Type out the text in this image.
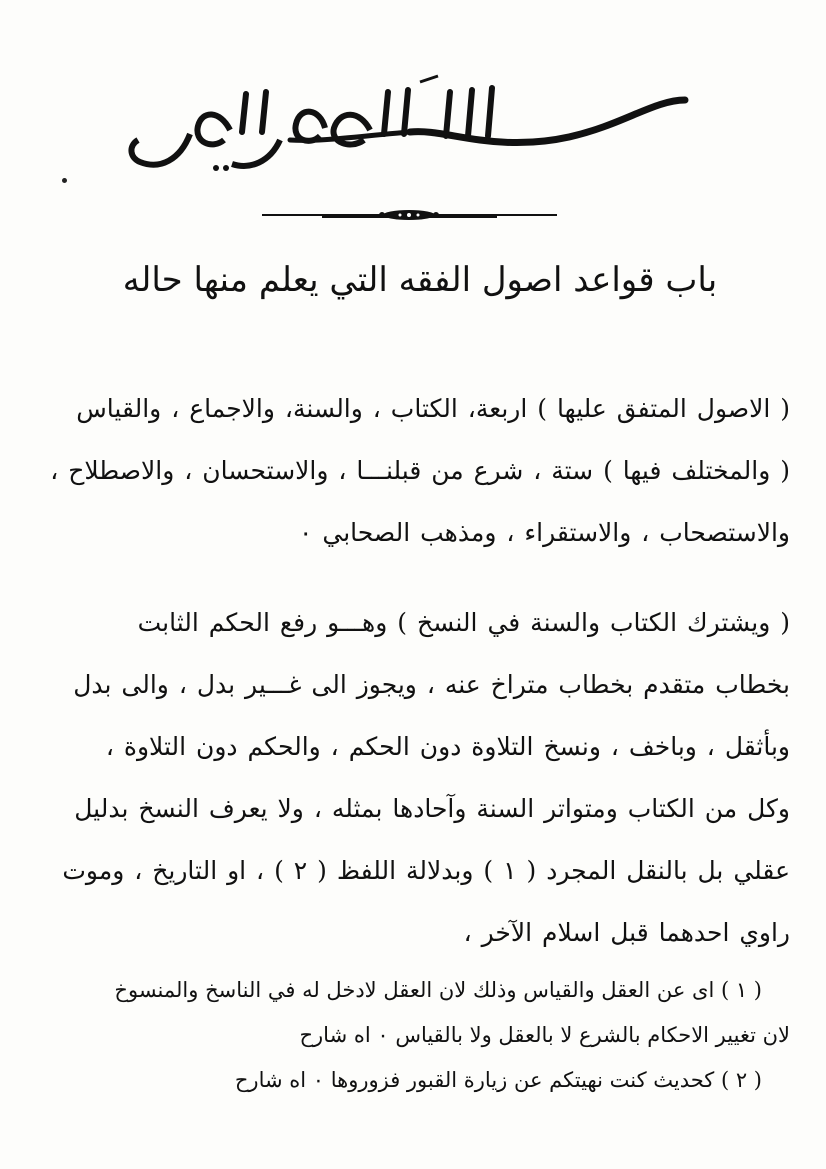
باب قواعد اصول الفقه التي يعلم منها حاله
( الاصول المتفق عليها ) اربعة، الكتاب ، والسنة، والاجماع ، والقياس
( والمختلف فيها ) ستة ، شرع من قبلنـــا ، والاستحسان ، والاصطلاح ،
والاستصحاب ، والاستقراء ، ومذهب الصحابي ٠
( ويشترك الكتاب والسنة في النسخ ) وهـــو رفع الحكم الثابت
بخطاب متقدم بخطاب متراخ عنه ، ويجوز الى غـــير بدل ، والى بدل
وبأثقل ، وباخف ، ونسخ التلاوة دون الحكم ، والحكم دون التلاوة ،
وكل من الكتاب ومتواتر السنة وآحادها بمثله ، ولا يعرف النسخ بدليل
عقلي بل بالنقل المجرد ( ١ ) وبدلالة اللفظ ( ٢ ) ، او التاريخ ، وموت
راوي احدهما قبل اسلام الآخر ،
( ١ ) اى عن العقل والقياس وذلك لان العقل لادخل له في الناسخ والمنسوخ
لان تغيير الاحكام بالشرع لا بالعقل ولا بالقياس ٠ اه شارح
( ٢ ) كحديث كنت نهيتكم عن زيارة القبور فزوروها ٠ اه شارح
